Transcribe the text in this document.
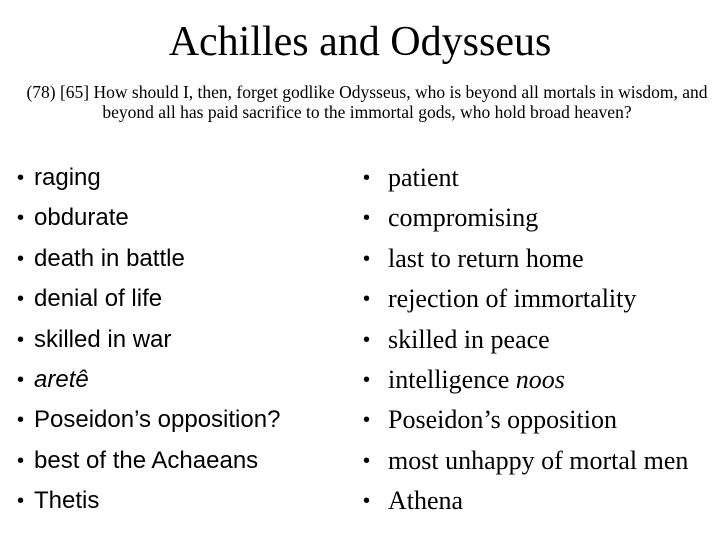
Achilles and Odysseus
(78) [65] How should I, then, forget godlike Odysseus, who is beyond all mortals in wisdom, and beyond all has paid sacrifice to the immortal gods, who hold broad heaven?
• raging
• obdurate
• death in battle
• denial of life
• skilled in war
• aretê
• Poseidon’s opposition?
• best of the Achaeans
• Thetis
• patient
• compromising
• last to return home
• rejection of immortality
• skilled in peace
• intelligence noos
• Poseidon’s opposition
• most unhappy of mortal men
• Athena
